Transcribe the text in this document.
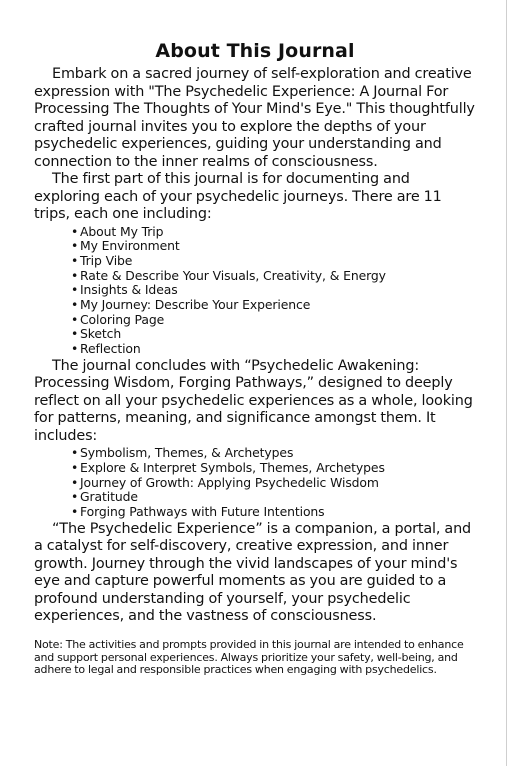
About This Journal

Embark on a sacred journey of self-exploration and creative expression with "The Psychedelic Experience: A Journal For Processing The Thoughts of Your Mind's Eye." This thoughtfully crafted journal invites you to explore the depths of your psychedelic experiences, guiding your understanding and connection to the inner realms of consciousness.

The first part of this journal is for documenting and exploring each of your psychedelic journeys. There are 11 trips, each one including:

• About My Trip
• My Environment
• Trip Vibe
• Rate & Describe Your Visuals, Creativity, & Energy
• Insights & Ideas
• My Journey: Describe Your Experience
• Coloring Page
• Sketch
• Reflection

The journal concludes with “Psychedelic Awakening: Processing Wisdom, Forging Pathways,” designed to deeply reflect on all your psychedelic experiences as a whole, looking for patterns, meaning, and significance amongst them. It includes:

• Symbolism, Themes, & Archetypes
• Explore & Interpret Symbols, Themes, Archetypes
• Journey of Growth: Applying Psychedelic Wisdom
• Gratitude
• Forging Pathways with Future Intentions

“The Psychedelic Experience” is a companion, a portal, and a catalyst for self-discovery, creative expression, and inner growth. Journey through the vivid landscapes of your mind's eye and capture powerful moments as you are guided to a profound understanding of yourself, your psychedelic experiences, and the vastness of consciousness.

Note: The activities and prompts provided in this journal are intended to enhance and support personal experiences. Always prioritize your safety, well-being, and adhere to legal and responsible practices when engaging with psychedelics.
